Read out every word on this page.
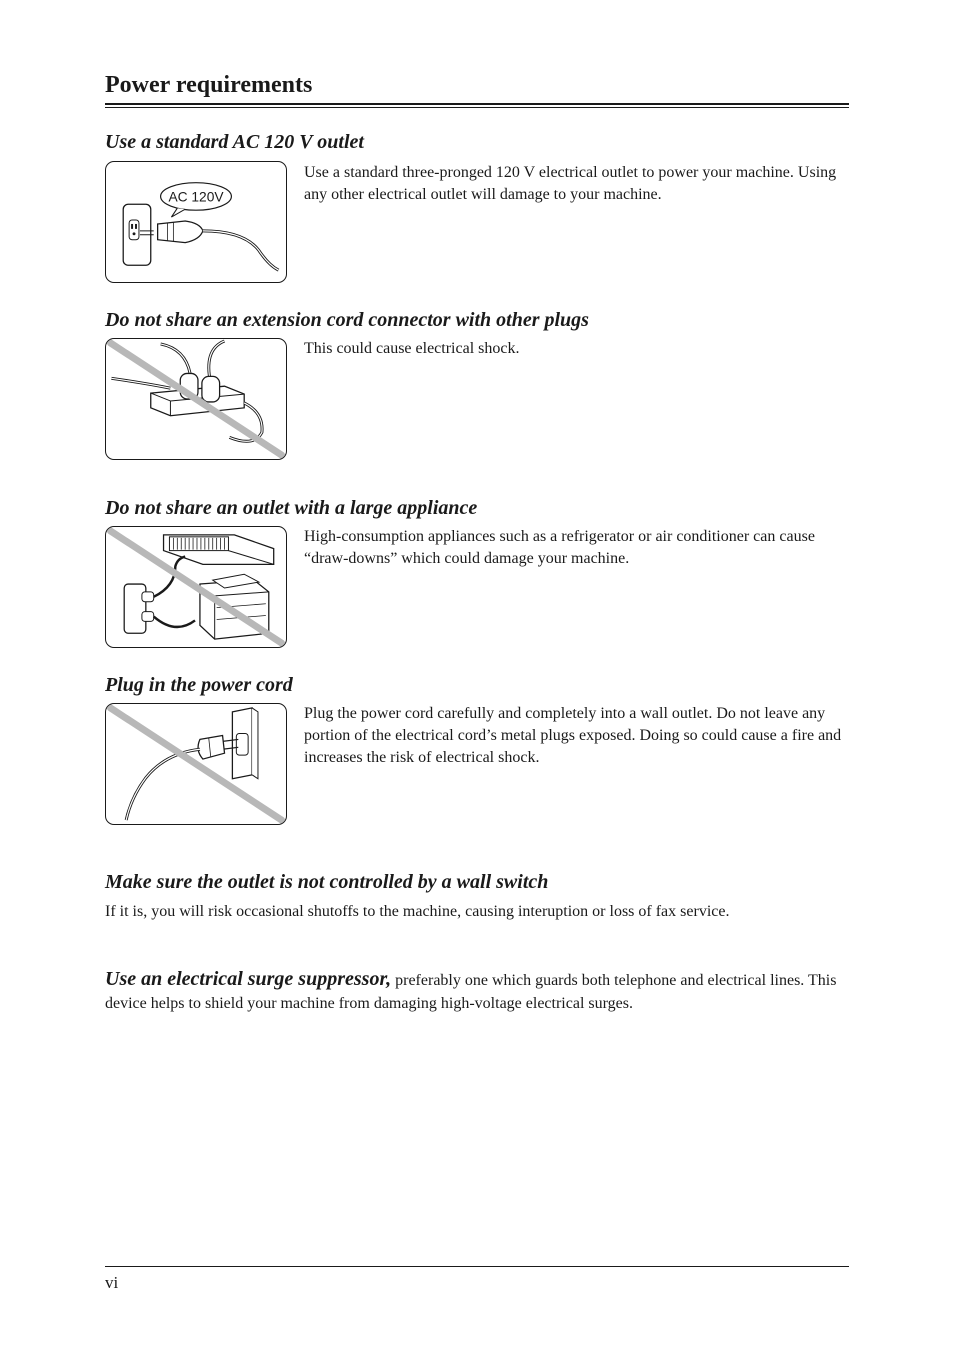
Power requirements
Use a standard AC 120 V outlet
AC 120V

Use a standard three-pronged 120 V electrical outlet to power your machine. Using any other electrical outlet will damage to your machine.

Do not share an extension cord connector with other plugs

This could cause electrical shock.

Do not share an outlet with a large appliance

High-consumption appliances such as a refrigerator or air conditioner can cause “draw-downs” which could damage your machine.

Plug in the power cord

Plug the power cord carefully and completely into a wall outlet. Do not leave any portion of the electrical cord’s metal plugs exposed. Doing so could cause a fire and increases the risk of electrical shock.

Make sure the outlet is not controlled by a wall switch

If it is, you will risk occasional shutoffs to the machine, causing interuption or loss of fax service.

Use an electrical surge suppressor, preferably one which guards both telephone and electrical lines. This device helps to shield your machine from damaging high-voltage electrical surges.

vi
